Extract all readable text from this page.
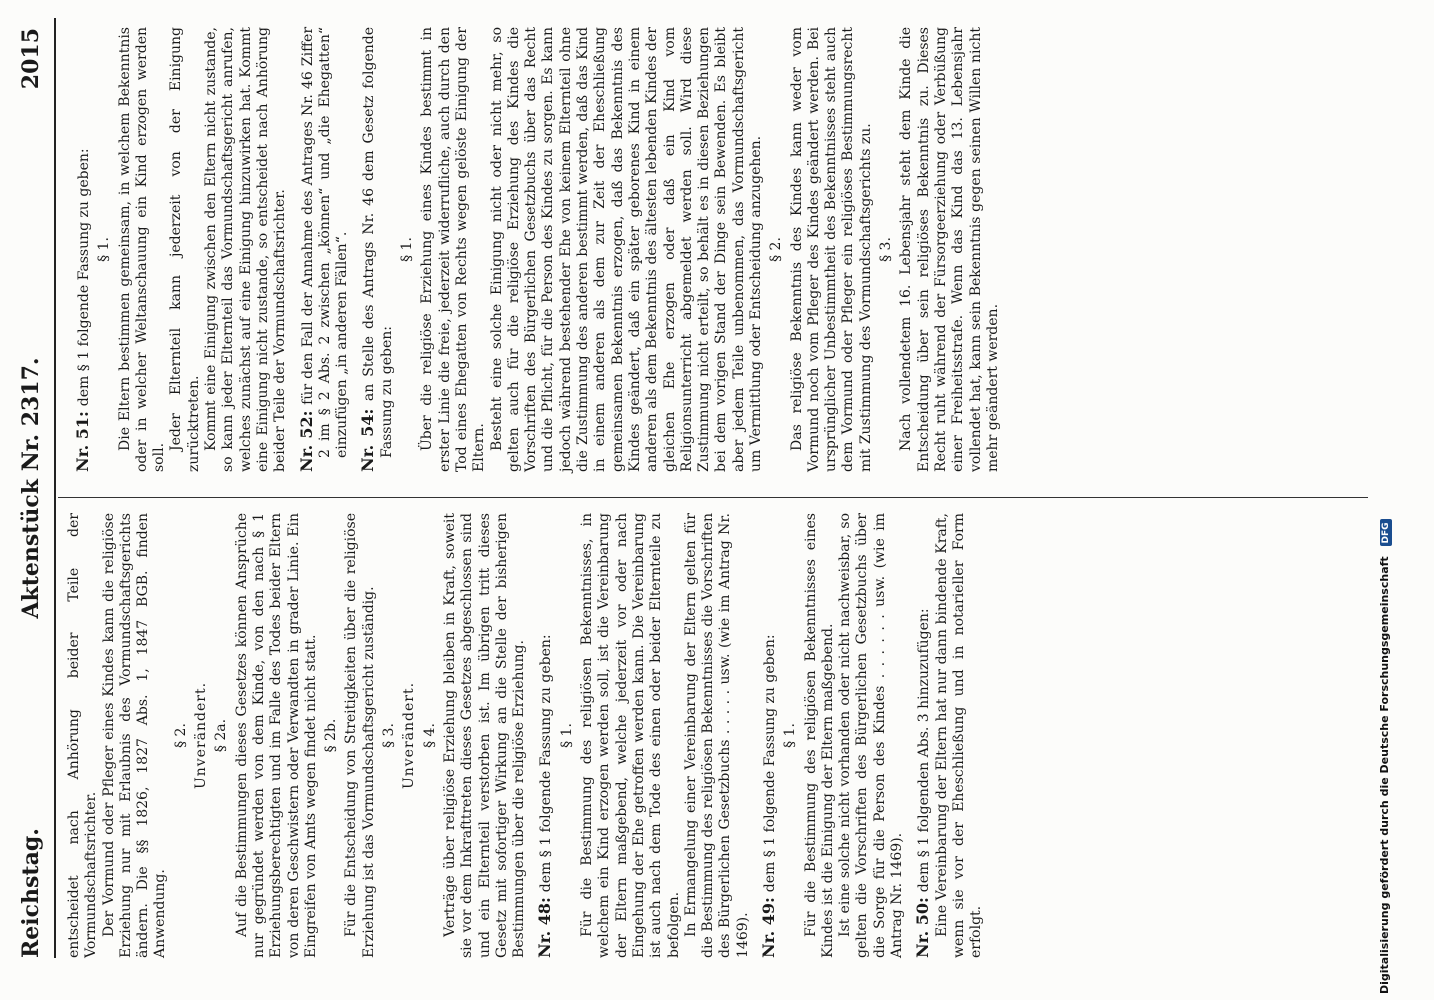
Reichstag.
Aktenstück Nr. 2317.
2015

entscheidet nach Anhörung beider Teile der Vormundschaftsrichter. Der Vormund oder Pfleger eines Kindes kann die religiöse Erziehung nur mit Erlaubnis des Vormundschaftsgerichts ändern. Die §§ 1826, 1827 Abs. 1, 1847 BGB. finden Anwendung.

§ 2. Unverändert. § 2a. Auf die Bestimmungen dieses Gesetzes können Ansprüche nur gegründet werden von dem Kinde, von den nach § 1 Erziehungsberechtigten und im Falle des Todes beider Eltern von deren Geschwistern oder Verwandten in grader Linie. Ein Eingreifen von Amts wegen findet nicht statt. § 2b. Für die Entscheidung von Streitigkeiten über die religiöse Erziehung ist das Vormundschaftsgericht zuständig. § 3. Unverändert. § 4. Verträge über religiöse Erziehung bleiben in Kraft, soweit sie vor dem Inkrafttreten dieses Gesetzes abgeschlossen sind und ein Elternteil verstorben ist. Im übrigen tritt dieses Gesetz mit sofortiger Wirkung an die Stelle der bisherigen Bestimmungen über die religiöse Erziehung. Nr. 48: dem § 1 folgende Fassung zu geben: § 1. Für die Bestimmung des religiösen Bekenntnisses, in welchem ein Kind erzogen werden soll, ist die Vereinbarung der Eltern maßgebend, welche jederzeit vor oder nach Eingehung der Ehe getroffen werden kann. Die Vereinbarung ist auch nach dem Tode des einen oder beider Elternteile zu befolgen. In Ermangelung einer Vereinbarung der Eltern gelten für die Bestimmung des religiösen Bekenntnisses die Vorschriften des Bürgerlichen Gesetzbuchs . . . . . usw. (wie im Antrag Nr. 1469). Nr. 49: dem § 1 folgende Fassung zu geben: § 1. Für die Bestimmung des religiösen Bekenntnisses eines Kindes ist die Einigung der Eltern maßgebend. Ist eine solche nicht vorhanden oder nicht nachweisbar, so gelten die Vorschriften des Bürgerlichen Gesetzbuchs über die Sorge für die Person des Kindes . . . . . . usw. (wie im Antrag Nr. 1469). Nr. 50: dem § 1 folgenden Abs. 3 hinzuzufügen: Eine Vereinbarung der Eltern hat nur dann bindende Kraft, wenn sie vor der Eheschließung und in notarieller Form erfolgt.

Nr. 51: dem § 1 folgende Fassung zu geben: § 1. Die Eltern bestimmen gemeinsam, in welchem Bekenntnis oder in welcher Weltanschauung ein Kind erzogen werden soll.

Jeder Elternteil kann jederzeit von der Einigung zurücktreten. Kommt eine Einigung zwischen den Eltern nicht zustande, so kann jeder Elternteil das Vormundschaftsgericht anrufen, welches zunächst auf eine Einigung hinzuwirken hat. Kommt eine Einigung nicht zustande, so entscheidet nach Anhörung beider Teile der Vormundschaftsrichter. Nr. 52: für den Fall der Annahme des Antrages Nr. 46 Ziffer 2 im § 2 Abs. 2 zwischen „können“ und „die Ehegatten“ einzufügen „in anderen Fällen“. Nr. 54: an Stelle des Antrags Nr. 46 dem Gesetz folgende Fassung zu geben:
§ 1. Über die religiöse Erziehung eines Kindes bestimmt in erster Linie die freie, jederzeit widerrufliche, auch durch den Tod eines Ehegatten von Rechts wegen gelöste Einigung der Eltern. Besteht eine solche Einigung nicht oder nicht mehr, so gelten auch für die religiöse Erziehung des Kindes die Vorschriften des Bürgerlichen Gesetzbuchs über das Recht und die Pflicht, für die Person des Kindes zu sorgen. Es kann jedoch während bestehender Ehe von keinem Elternteil ohne die Zustimmung des anderen bestimmt werden, daß das Kind in einem anderen als dem zur Zeit der Eheschließung gemeinsamen Bekenntnis erzogen, daß das Bekenntnis des Kindes geändert, daß ein später geborenes Kind in einem anderen als dem Bekenntnis des ältesten lebenden Kindes der gleichen Ehe erzogen oder daß ein Kind vom Religionsunterricht abgemeldet werden soll. Wird diese Zustimmung nicht erteilt, so behält es in diesen Beziehungen bei dem vorigen Stand der Dinge sein Bewenden. Es bleibt aber jedem Teile unbenommen, das Vormundschaftsgericht um Vermittlung oder Entscheidung anzugehen. § 2. Das religiöse Bekenntnis des Kindes kann weder vom Vormund noch vom Pfleger des Kindes geändert werden. Bei ursprünglicher Unbestimmtheit des Bekenntnisses steht auch dem Vormund oder Pfleger ein religiöses Bestimmungsrecht mit Zustimmung des Vormundschaftsgerichts zu. § 3. Nach vollendetem 16. Lebensjahr steht dem Kinde die Entscheidung über sein religiöses Bekenntnis zu. Dieses Recht ruht während der Fürsorgeerziehung oder Verbüßung einer Freiheitsstrafe. Wenn das Kind das 13. Lebensjahr vollendet hat, kann sein Bekenntnis gegen seinen Willen nicht mehr geändert werden.

Digitalisierung gefördert durch die Deutsche Forschungsgemeinschaft DFG
